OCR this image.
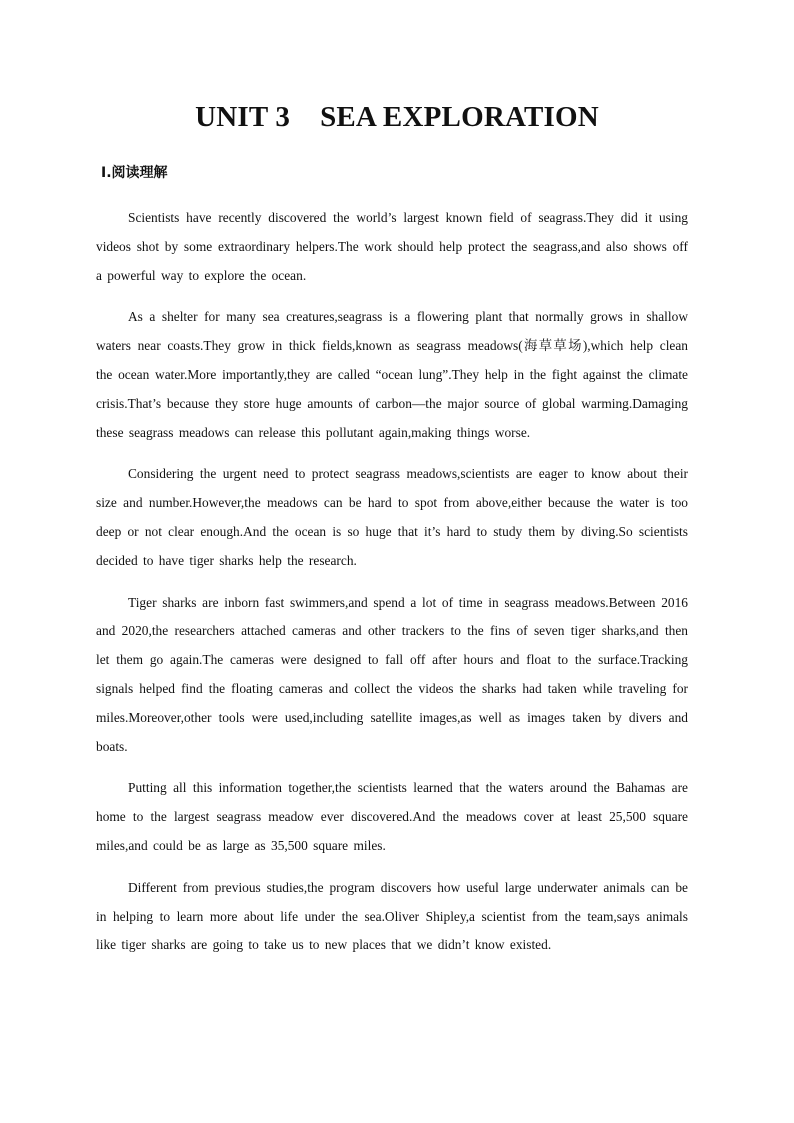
UNIT 3 SEA EXPLORATION
Ⅰ.阅读理解

Scientists have recently discovered the world’s largest known field of seagrass.They did it using videos shot by some extraordinary helpers.The work should help protect the seagrass,and also shows off a powerful way to explore the ocean.

As a shelter for many sea creatures,seagrass is a flowering plant that normally grows in shallow waters near coasts.They grow in thick fields,known as seagrass meadows(海草草场),which help clean the ocean water.More importantly,they are called “ocean lung”.They help in the fight against the climate crisis.That’s because they store huge amounts of carbon—the major source of global warming.Damaging these seagrass meadows can release this pollutant again,making things worse.

Considering the urgent need to protect seagrass meadows,scientists are eager to know about their size and number.However,the meadows can be hard to spot from above,either because the water is too deep or not clear enough.And the ocean is so huge that it’s hard to study them by diving.So scientists decided to have tiger sharks help the research.

Tiger sharks are inborn fast swimmers,and spend a lot of time in seagrass meadows.Between 2016 and 2020,the researchers attached cameras and other trackers to the fins of seven tiger sharks,and then let them go again.The cameras were designed to fall off after hours and float to the surface.Tracking signals helped find the floating cameras and collect the videos the sharks had taken while traveling for miles.Moreover,other tools were used,including satellite images,as well as images taken by divers and boats.

Putting all this information together,the scientists learned that the waters around the Bahamas are home to the largest seagrass meadow ever discovered.And the meadows cover at least 25,500 square miles,and could be as large as 35,500 square miles.

Different from previous studies,the program discovers how useful large underwater animals can be in helping to learn more about life under the sea.Oliver Shipley,a scientist from the team,says animals like tiger sharks are going to take us to new places that we didn’t know existed.
